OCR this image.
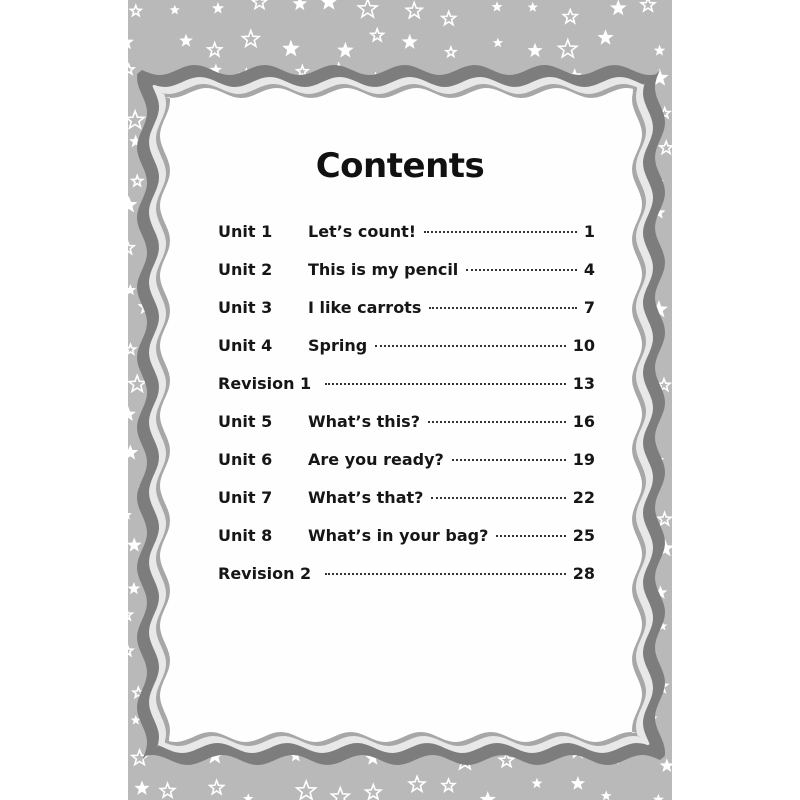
Contents
Unit 1	Let’s count!	1
Unit 2	This is my pencil	4
Unit 3	I like carrots	7
Unit 4	Spring	10
Revision 1	13
Unit 5	What’s this?	16
Unit 6	Are you ready?	19
Unit 7	What’s that?	22
Unit 8	What’s in your bag?	25
Revision 2	28
